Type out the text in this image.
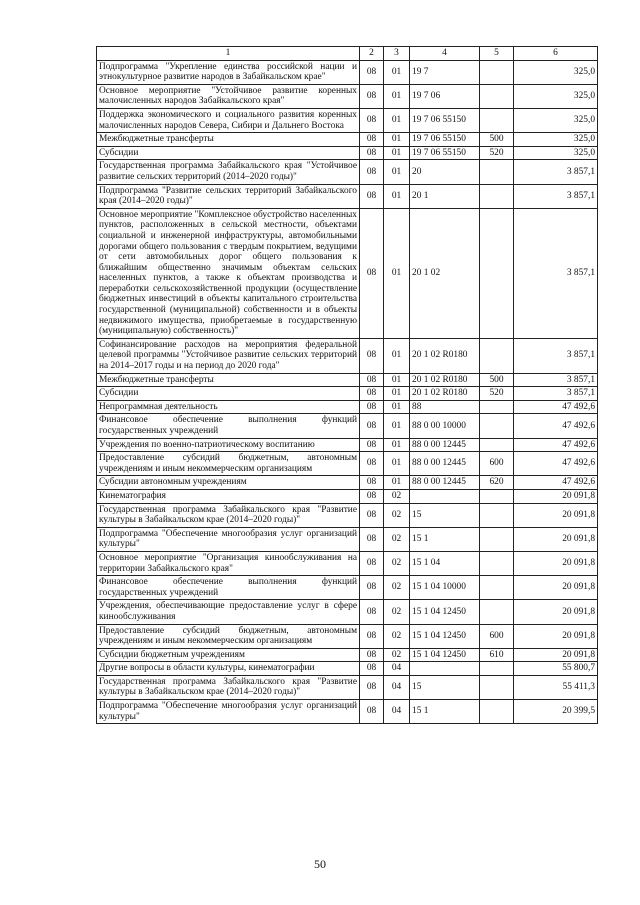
1	2	3	4	5	6
Подпрограмма "Укрепление единства российской нации и этнокультурное развитие народов в Забайкальском крае"	08	01	19 7		325,0
Основное мероприятие "Устойчивое развитие коренных малочисленных народов Забайкальского края"	08	01	19 7 06		325,0
Поддержка экономического и социального развития коренных малочисленных народов Севера, Сибири и Дальнего Востока	08	01	19 7 06 55150		325,0
Межбюджетные трансферты	08	01	19 7 06 55150	500	325,0
Субсидии	08	01	19 7 06 55150	520	325,0
Государственная программа Забайкальского края "Устойчивое развитие сельских территорий (2014–2020 годы)"	08	01	20		3 857,1
Подпрограмма "Развитие сельских территорий Забайкальского края (2014–2020 годы)"	08	01	20 1		3 857,1
Основное мероприятие "Комплексное обустройство населенных пунктов, расположенных в сельской местности, объектами социальной и инженерной инфраструктуры, автомобильными дорогами общего пользования с твердым покрытием, ведущими от сети автомобильных дорог общего пользования к ближайшим общественно значимым объектам сельских населенных пунктов, а также к объектам производства и переработки сельскохозяйственной продукции (осуществление бюджетных инвестиций в объекты капитального строительства государственной (муниципальной) собственности и в объекты недвижимого имущества, приобретаемые в государственную (муниципальную) собственность)"	08	01	20 1 02		3 857,1
Софинансирование расходов на мероприятия федеральной целевой программы "Устойчивое развитие сельских территорий на 2014–2017 годы и на период до 2020 года"	08	01	20 1 02 R0180		3 857,1
Межбюджетные трансферты	08	01	20 1 02 R0180	500	3 857,1
Субсидии	08	01	20 1 02 R0180	520	3 857,1
Непрограммная деятельность	08	01	88		47 492,6
Финансовое обеспечение выполнения функций государственных учреждений	08	01	88 0 00 10000		47 492,6
Учреждения по военно-патриотическому воспитанию	08	01	88 0 00 12445		47 492,6
Предоставление субсидий бюджетным, автономным учреждениям и иным некоммерческим организациям	08	01	88 0 00 12445	600	47 492,6
Субсидии автономным учреждениям	08	01	88 0 00 12445	620	47 492,6
Кинематография	08	02			20 091,8
Государственная программа Забайкальского края "Развитие культуры в Забайкальском крае (2014–2020 годы)"	08	02	15		20 091,8
Подпрограмма "Обеспечение многообразия услуг организаций культуры"	08	02	15 1		20 091,8
Основное мероприятие "Организация кинообслуживания на территории Забайкальского края"	08	02	15 1 04		20 091,8
Финансовое обеспечение выполнения функций государственных учреждений	08	02	15 1 04 10000		20 091,8
Учреждения, обеспечивающие предоставление услуг в сфере кинообслуживания	08	02	15 1 04 12450		20 091,8
Предоставление субсидий бюджетным, автономным учреждениям и иным некоммерческим организациям	08	02	15 1 04 12450	600	20 091,8
Субсидии бюджетным учреждениям	08	02	15 1 04 12450	610	20 091,8
Другие вопросы в области культуры, кинематографии	08	04			55 800,7
Государственная программа Забайкальского края "Развитие культуры в Забайкальском крае (2014–2020 годы)"	08	04	15		55 411,3
Подпрограмма "Обеспечение многообразия услуг организаций культуры"	08	04	15 1		20 399,5
50
